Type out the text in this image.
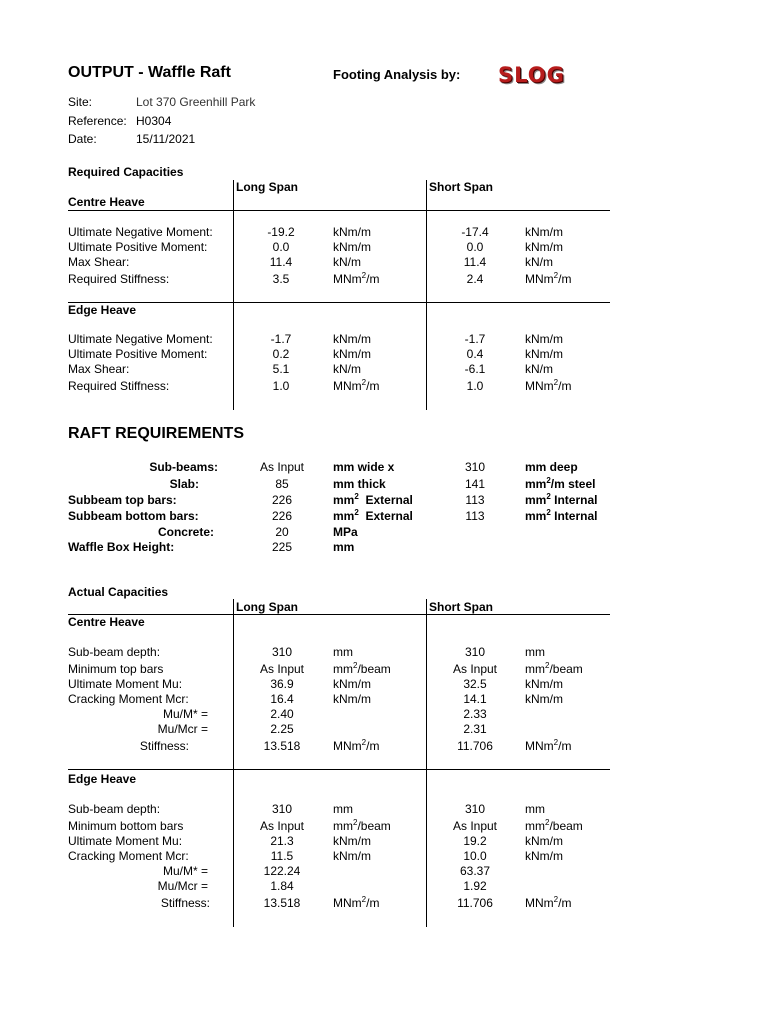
OUTPUT - Waffle Raft	Footing Analysis by: SLOG
Site:	Lot 370 Greenhill Park
Reference: H0304
Date:	15/11/2021
Required Capacities
Long Span	Short Span
Centre Heave
Ultimate Negative Moment:	-19.2	kNm/m	-17.4	kNm/m
Ultimate Positive Moment:	0.0	kNm/m	0.0	kNm/m
Max Shear:	11.4	kN/m	11.4	kN/m
Required Stiffness:	3.5	MNm$^2$/m	2.4	MNm$^2$/m
Edge Heave
Ultimate Negative Moment:	-1.7	kNm/m	-1.7	kNm/m
Ultimate Positive Moment:	0.2	kNm/m	0.4	kNm/m
Max Shear:	5.1	kN/m	-6.1	kN/m
Required Stiffness:	1.0	MNm$^2$/m	1.0	MNm$^2$/m
RAFT REQUIREMENTS
Sub-beams:	As Input	mm wide x	310	mm deep
Slab:	85	mm thick	141	$mm^2/m$ steel
Subbeam top bars:	226	$mm^2$  External	113	$mm^2$ Internal
Subbeam bottom bars:	226	$mm^2$  External	113	$mm^2$ Internal
Concrete:	20	MPa
Waffle Box Height:	225	mm
Actual Capacities
Long Span	Short Span
Centre Heave
Sub-beam depth:	310	mm	310	mm
Minimum top bars	As Input	$mm^2$/beam	As Input	$mm^2$/beam
Ultimate Moment Mu:	36.9	kNm/m	32.5	kNm/m
Cracking Moment Mcr:	16.4	kNm/m	14.1	kNm/m
Mu/M* =	2.40	2.33
Mu/Mcr =	2.25	2.31
Stiffness:	13.518	MNm$^2$/m	11.706	MNm$^2$/m
Edge Heave
Sub-beam depth:	310	mm	310	mm
Minimum bottom bars	As Input	$mm^2$/beam	As Input	$mm^2$/beam
Ultimate Moment Mu:	21.3	kNm/m	19.2	kNm/m
Cracking Moment Mcr:	11.5	kNm/m	10.0	kNm/m
Mu/M* =	122.24	63.37
Mu/Mcr =	1.84	1.92
Stiffness:	13.518	MNm$^2$/m	11.706	MNm$^2$/m
